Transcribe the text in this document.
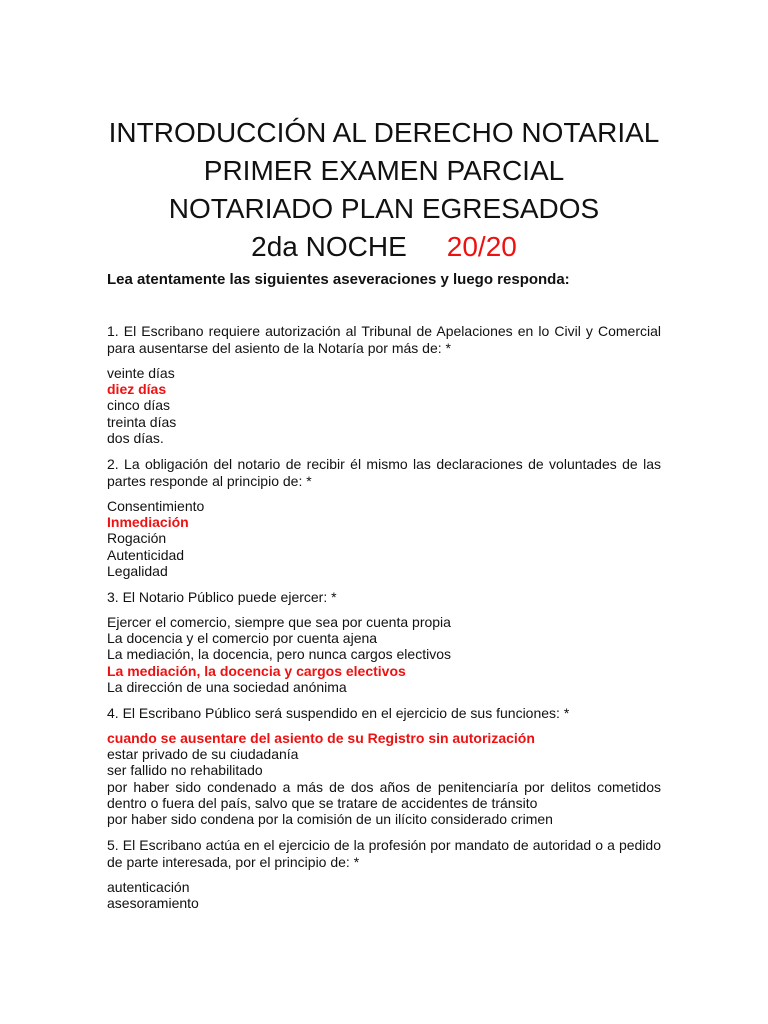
INTRODUCCIÓN AL DERECHO NOTARIAL
PRIMER EXAMEN PARCIAL
NOTARIADO PLAN EGRESADOS
2da NOCHE 20/20
Lea atentamente las siguientes aseveraciones y luego responda:
1. El Escribano requiere autorización al Tribunal de Apelaciones en lo Civil y Comercial para ausentarse del asiento de la Notaría por más de: *
veinte días
diez días
cinco días
treinta días
dos días.
2. La obligación del notario de recibir él mismo las declaraciones de voluntades de las partes responde al principio de: *
Consentimiento
Inmediación
Rogación
Autenticidad
Legalidad
3. El Notario Público puede ejercer: *
Ejercer el comercio, siempre que sea por cuenta propia
La docencia y el comercio por cuenta ajena
La mediación, la docencia, pero nunca cargos electivos
La mediación, la docencia y cargos electivos
La dirección de una sociedad anónima
4. El Escribano Público será suspendido en el ejercicio de sus funciones: *
cuando se ausentare del asiento de su Registro sin autorización
estar privado de su ciudadanía
ser fallido no rehabilitado
por haber sido condenado a más de dos años de penitenciaría por delitos cometidos dentro o fuera del país, salvo que se tratare de accidentes de tránsito
por haber sido condena por la comisión de un ilícito considerado crimen
5. El Escribano actúa en el ejercicio de la profesión por mandato de autoridad o a pedido de parte interesada, por el principio de: *
autenticación
asesoramiento
